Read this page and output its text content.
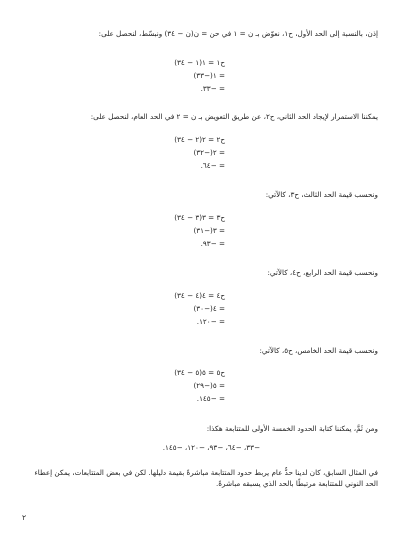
إذن، بالنسبة إلى الحد الأول، ح١، نعوّض بـ ن = ١ في حن = ن(ن − ٣٤) ونبسّط، لنحصل على:

ح١ = ١(١ − ٣٤)
= ١(−٣٣)
= −٣٣.

يمكننا الاستمرار لإيجاد الحد الثاني، ح٢، عن طريق التعويض بـ ن = ٢ في الحد العام، لنحصل على:

ح٢ = ٢(٢ − ٣٤)
= ٢(−٣٢)
= −٦٤.

ونحسب قيمة الحد الثالث، ح٣، كالآتي:

ح٣ = ٣(٣ − ٣٤)
= ٣(−٣١)
= −٩٣.

ونحسب قيمة الحد الرابع، ح٤، كالآتي:

ح٤ = ٤(٤ − ٣٤)
= ٤(−٣٠)
= −١٢٠.

ونحسب قيمة الحد الخامس، ح٥، كالآتي:

ح٥ = ٥(٥ − ٣٤)
= ٥(−٢٩)
= −١٤٥.

ومن ثَمَّ، يمكننا كتابة الحدود الخمسة الأولى للمتتابعة هكذا:

−٣٣، −٦٤، −٩٣، −١٢٠، −١٤٥.

في المثال السابق، كان لدينا حدٌّ عام يربط حدود المتتابعة مباشرةً بقيمة دليلها. لكن في بعض المتتابعات، يمكن إعطاء الحد النوني للمتتابعة مرتبطًا بالحد الذي يسبقه مباشرةً.

٢
